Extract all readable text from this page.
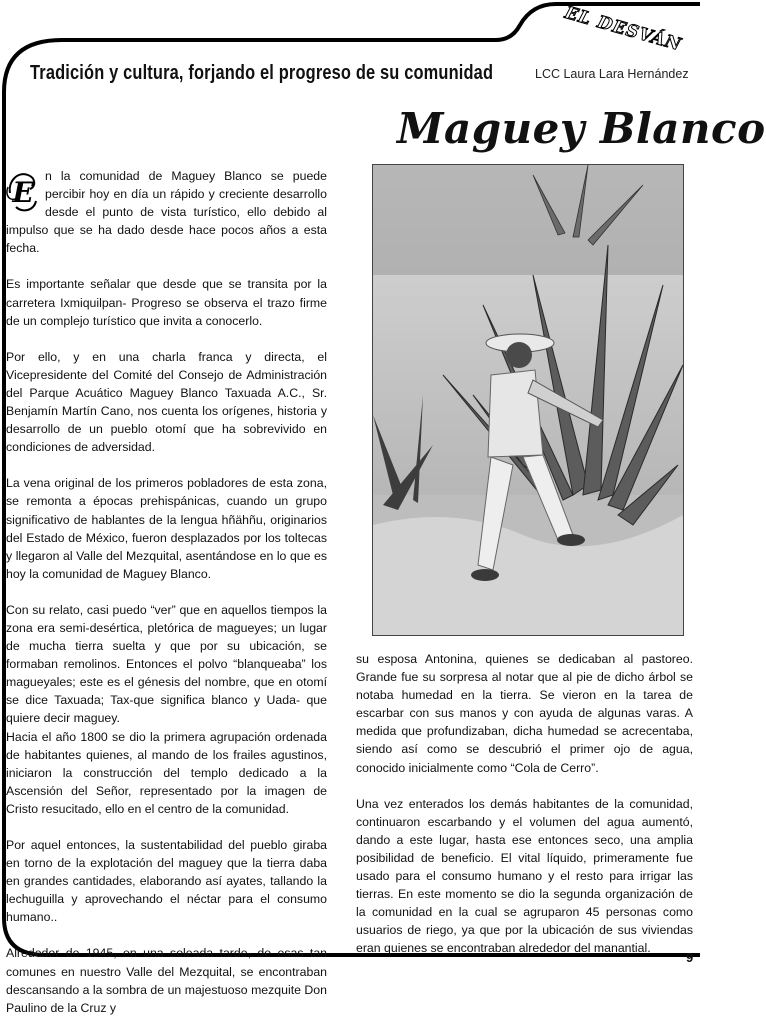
EL DESVÁN
Tradición y cultura, forjando el progreso de su comunidad	LCC Laura Lara Hernández
Maguey Blanco

E n la comunidad de Maguey Blanco se puede percibir hoy en día un rápido y creciente desarrollo desde el punto de vista turístico, ello debido al impulso que se ha dado desde hace pocos años a esta fecha.

Es importante señalar que desde que se transita por la carretera Ixmiquilpan- Progreso se observa el trazo firme de un complejo turístico que invita a conocerlo.

Por ello, y en una charla franca y directa, el Vicepresidente del Comité del Consejo de Administración del Parque Acuático Maguey Blanco Taxuada A.C., Sr. Benjamín Martín Cano, nos cuenta los orígenes, historia y desarrollo de un pueblo otomí que ha sobrevivido en condiciones de adversidad.

La vena original de los primeros pobladores de esta zona, se remonta a épocas prehispánicas, cuando un grupo significativo de hablantes de la lengua hñähñu, originarios del Estado de México, fueron desplazados por los toltecas y llegaron al Valle del Mezquital, asentándose en lo que es hoy la comunidad de Maguey Blanco.

Con su relato, casi puedo “ver” que en aquellos tiempos la zona era semi-desértica, pletórica de magueyes; un lugar de mucha tierra suelta y que por su ubicación, se formaban remolinos. Entonces el polvo “blanqueaba” los magueyales; este es el génesis del nombre, que en otomí se dice Taxuada; Tax-que significa blanco y Uada- que quiere decir maguey.

Hacia el año 1800 se dio la primera agrupación ordenada de habitantes quienes, al mando de los frailes agustinos, iniciaron la construcción del templo dedicado a la Ascensión del Señor, representado por la imagen de Cristo resucitado, ello en el centro de la comunidad.

Por aquel entonces, la sustentabilidad del pueblo giraba en torno de la explotación del maguey que la tierra daba en grandes cantidades, elaborando así ayates, tallando la lechuguilla y aprovechando el néctar para el consumo humano..

Alrededor de 1945, en una soleada tarde, de esas tan comunes en nuestro Valle del Mezquital, se encontraban descansando a la sombra de un majestuoso mezquite Don Paulino de la Cruz y

su esposa Antonina, quienes se dedicaban al pastoreo. Grande fue su sorpresa al notar que al pie de dicho árbol se notaba humedad en la tierra. Se vieron en la tarea de escarbar con sus manos y con ayuda de algunas varas. A medida que profundizaban, dicha humedad se acrecentaba, siendo así como se descubrió el primer ojo de agua, conocido inicialmente como “Cola de Cerro”.

Una vez enterados los demás habitantes de la comunidad, continuaron escarbando y el volumen del agua aumentó, dando a este lugar, hasta ese entonces seco, una amplia posibilidad de beneficio. El vital líquido, primeramente fue usado para el consumo humano y el resto para irrigar las tierras. En este momento se dio la segunda organización de la comunidad en la cual se agruparon 45 personas como usuarios de riego, ya que por la ubicación de sus viviendas eran quienes se encontraban alrededor del manantial.

9
